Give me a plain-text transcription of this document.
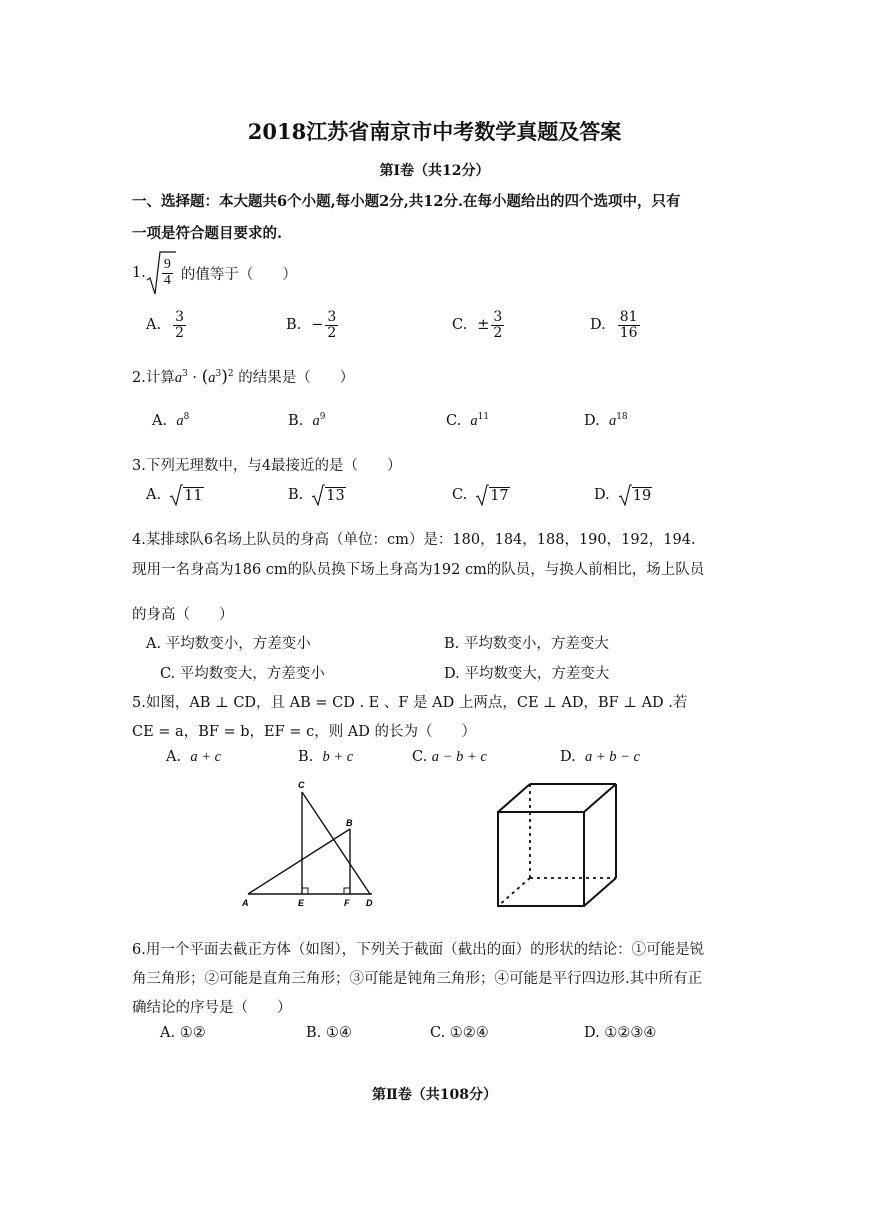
2018江苏省南京市中考数学真题及答案
第Ⅰ卷（共12分）
一、选择题：本大题共6个小题,每小题2分,共12分.在每小题给出的四个选项中，只有
一项是符合题目要求的.
1. $\frac{9}{4}$ 的值等于（　　）
A. $\frac{3}{2}$	B. − $\frac{3}{2}$	C. ± $\frac{3}{2}$	D. $\frac{81}{16}$
2.计算$a^3 \cdot (a^3)^2$ 的结果是（　　）
A. $a^8$	B. $a^9$	C. $a^{11}$	D. $a^{18}$
3.下列无理数中，与4最接近的是（　　）
A. 11	B. 13	C. 17	D. 19
4.某排球队6名场上队员的身高（单位：cm）是：180，184，188，190，192，194.
现用一名身高为186 cm的队员换下场上身高为192 cm的队员，与换人前相比，场上队员
的身高（　　）
A. 平均数变小，方差变小	B. 平均数变小，方差变大
C. 平均数变大，方差变小	D. 平均数变大，方差变大
5.如图，AB ⊥ CD，且 AB = CD . E 、F 是 AD 上两点，CE ⊥ AD，BF ⊥ AD .若
CE = a，BF = b，EF = c，则 AD 的长为（　　）
A. a + c	B. b + c	C. a − b + c	D. a + b − c
C
B
A	E	F D
6.用一个平面去截正方体（如图），下列关于截面（截出的面）的形状的结论：①可能是锐
角三角形；②可能是直角三角形；③可能是钝角三角形；④可能是平行四边形.其中所有正
确结论的序号是（　　）
A. ①②	B. ①④	C. ①②④	D. ①②③④
第Ⅱ卷（共108分）
